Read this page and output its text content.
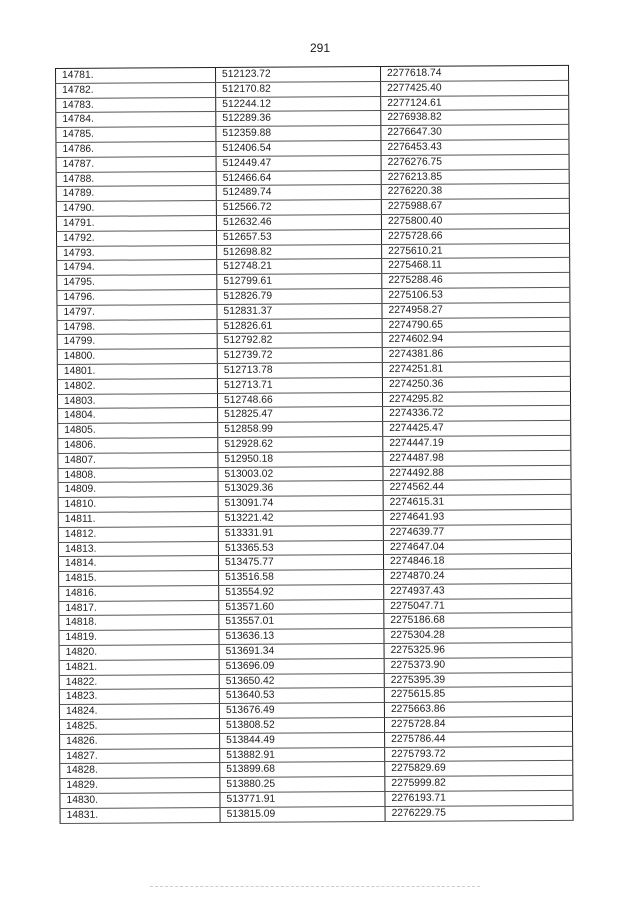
291
14781.	512123.72	2277618.74
14782.	512170.82	2277425.40
14783.	512244.12	2277124.61
14784.	512289.36	2276938.82
14785.	512359.88	2276647.30
14786.	512406.54	2276453.43
14787.	512449.47	2276276.75
14788.	512466.64	2276213.85
14789.	512489.74	2276220.38
14790.	512566.72	2275988.67
14791.	512632.46	2275800.40
14792.	512657.53	2275728.66
14793.	512698.82	2275610.21
14794.	512748.21	2275468.11
14795.	512799.61	2275288.46
14796.	512826.79	2275106.53
14797.	512831.37	2274958.27
14798.	512826.61	2274790.65
14799.	512792.82	2274602.94
14800.	512739.72	2274381.86
14801.	512713.78	2274251.81
14802.	512713.71	2274250.36
14803.	512748.66	2274295.82
14804.	512825.47	2274336.72
14805.	512858.99	2274425.47
14806.	512928.62	2274447.19
14807.	512950.18	2274487.98
14808.	513003.02	2274492.88
14809.	513029.36	2274562.44
14810.	513091.74	2274615.31
14811.	513221.42	2274641.93
14812.	513331.91	2274639.77
14813.	513365.53	2274647.04
14814.	513475.77	2274846.18
14815.	513516.58	2274870.24
14816.	513554.92	2274937.43
14817.	513571.60	2275047.71
14818.	513557.01	2275186.68
14819.	513636.13	2275304.28
14820.	513691.34	2275325.96
14821.	513696.09	2275373.90
14822.	513650.42	2275395.39
14823.	513640.53	2275615.85
14824.	513676.49	2275663.86
14825.	513808.52	2275728.84
14826.	513844.49	2275786.44
14827.	513882.91	2275793.72
14828.	513899.68	2275829.69
14829.	513880.25	2275999.82
14830.	513771.91	2276193.71
14831.	513815.09	2276229.75
